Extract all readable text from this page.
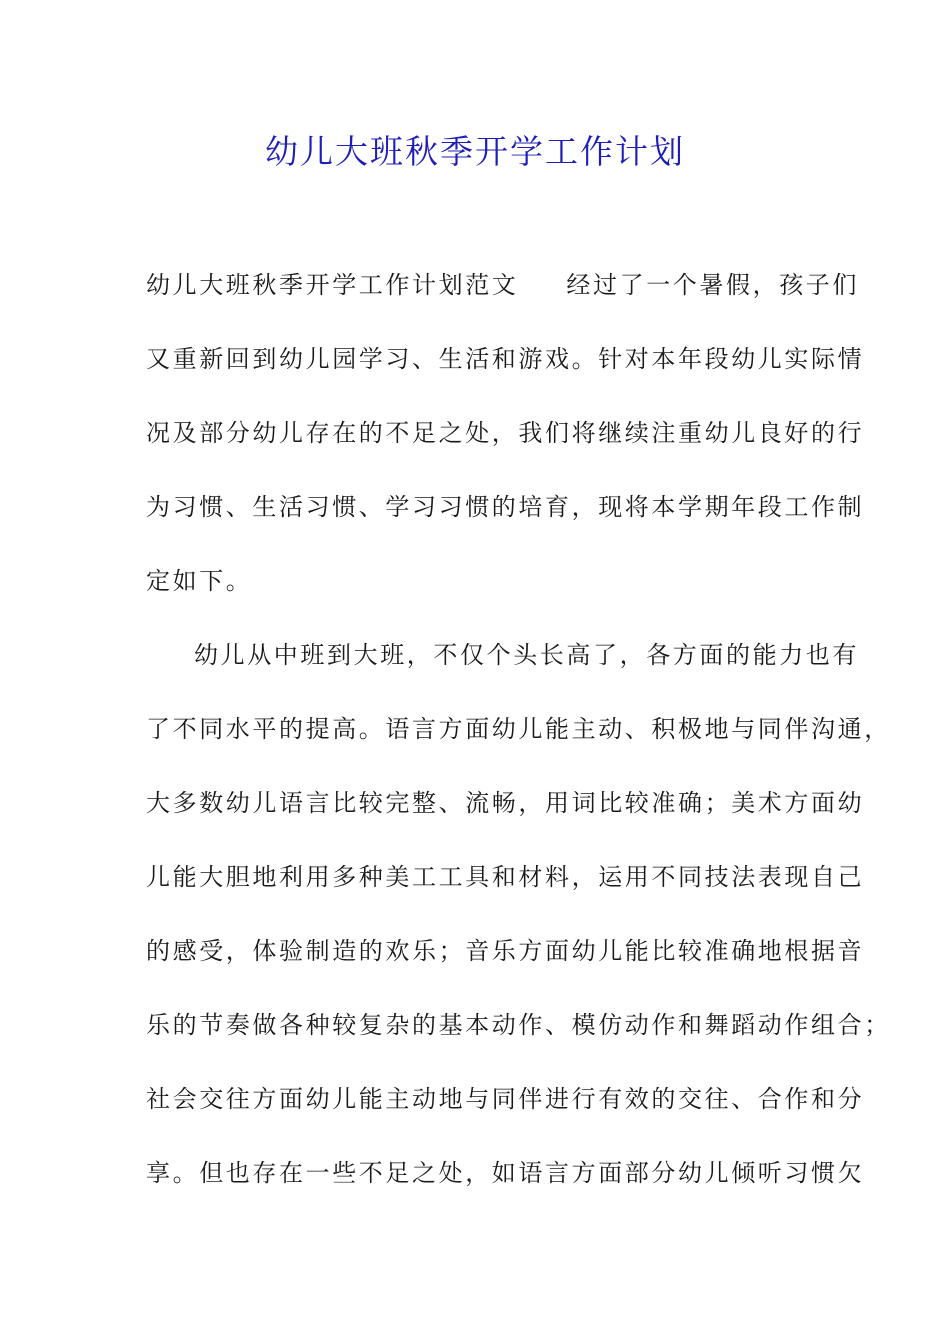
幼儿大班秋季开学工作计划
幼儿大班秋季开学工作计划范文 经过了一个暑假，孩子们
又重新回到幼儿园学习、生活和游戏。针对本年段幼儿实际情
况及部分幼儿存在的不足之处，我们将继续注重幼儿良好的行
为习惯、生活习惯、学习习惯的培育，现将本学期年段工作制
定如下。
幼儿从中班到大班，不仅个头长高了，各方面的能力也有
了不同水平的提高。语言方面幼儿能主动、积极地与同伴沟通，
大多数幼儿语言比较完整、流畅，用词比较准确；美术方面幼
儿能大胆地利用多种美工工具和材料，运用不同技法表现自己
的感受，体验制造的欢乐；音乐方面幼儿能比较准确地根据音
乐的节奏做各种较复杂的基本动作、模仿动作和舞蹈动作组合；
社会交往方面幼儿能主动地与同伴进行有效的交往、合作和分
享。但也存在一些不足之处，如语言方面部分幼儿倾听习惯欠
